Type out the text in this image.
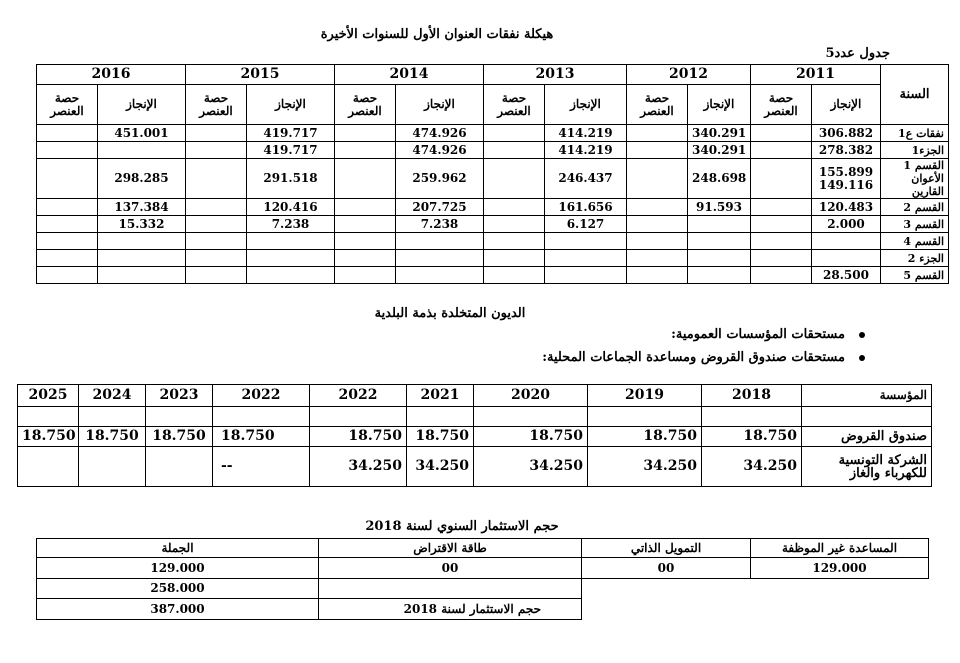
هيكلة نفقات العنوان الأول للسنوات الأخيرة
جدول عدد5
2016		2015		2014		2013		2012		2011		السنة
حصة العنصر	الإنجاز	حصة العنصر	الإنجاز	حصة العنصر	الإنجاز	حصة العنصر	الإنجاز	حصة العنصر	الإنجاز	حصة العنصر	الإنجاز	
	451.001		419.717		474.926		414.219		340.291		306.882	نفقات ع1
			419.717		474.926		414.219		340.291		278.382	الجزء1
	298.285		291.518		259.962		246.437		248.698		155.899 149.116	القسم 1 الأعوان القارين
	137.384		120.416		207.725		161.656		91.593		120.483	القسم 2
	15.332		7.238		7.238		6.127				2.000	القسم 3
												القسم 4
												الجزء 2
											28.500	القسم 5
الديون المتخلدة بذمة البلدية
مستحقات المؤسسات العمومية:
مستحقات صندوق القروض ومساعدة الجماعات المحلية:
2025	2024	2023	2022	2022	2021	2020	2019	2018	المؤسسة

18.750	18.750	18.750	18.750	18.750	18.750	18.750	18.750	18.750	صندوق القروض
			--	34.250	34.250	34.250	34.250	34.250	الشركة التونسية للكهرباء والغاز
حجم الاستثمار السنوي لسنة 2018
الجملة	طاقة الاقتراض	التمويل الذاتي	المساعدة غير الموظفة
129.000	00	00	129.000
258.000			
387.000	حجم الاستثمار لسنة 2018		
